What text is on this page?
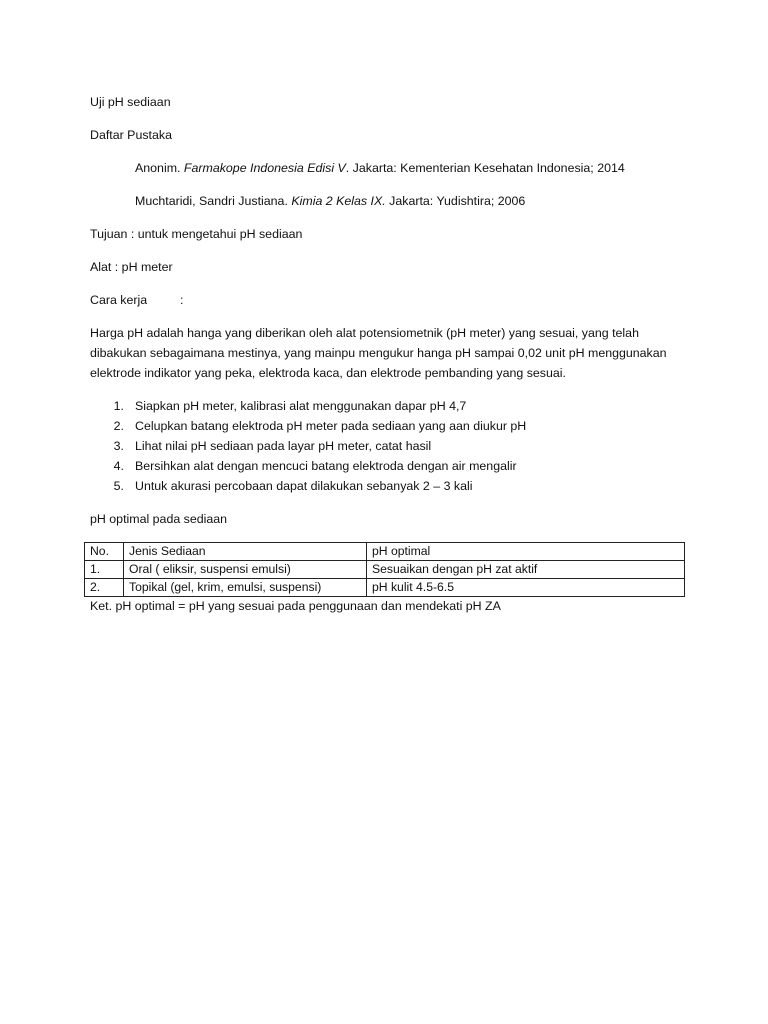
Uji pH sediaan
Daftar Pustaka
Anonim. Farmakope Indonesia Edisi V. Jakarta: Kementerian Kesehatan Indonesia; 2014
Muchtaridi, Sandri Justiana. Kimia 2 Kelas IX. Jakarta: Yudishtira; 2006
Tujuan : untuk mengetahui pH sediaan
Alat : pH meter
Cara kerja	:
Harga pH adalah hanga yang diberikan oleh alat potensiometnik (pH meter) yang sesuai, yang telah
dibakukan sebagaimana mestinya, yang mainpu mengukur hanga pH sampai 0,02 unit pH menggunakan
elektrode indikator yang peka, elektroda kaca, dan elektrode pembanding yang sesuai.
1. Siapkan pH meter, kalibrasi alat menggunakan dapar pH 4,7
2. Celupkan batang elektroda pH meter pada sediaan yang aan diukur pH
3. Lihat nilai pH sediaan pada layar pH meter, catat hasil
4. Bersihkan alat dengan mencuci batang elektroda dengan air mengalir
5. Untuk akurasi percobaan dapat dilakukan sebanyak 2 – 3 kali
pH optimal pada sediaan
No.	Jenis Sediaan	pH optimal
1.	Oral ( eliksir, suspensi emulsi)	Sesuaikan dengan pH zat aktif
2.	Topikal (gel, krim, emulsi, suspensi)	pH kulit 4.5-6.5
Ket. pH optimal = pH yang sesuai pada penggunaan dan mendekati pH ZA
